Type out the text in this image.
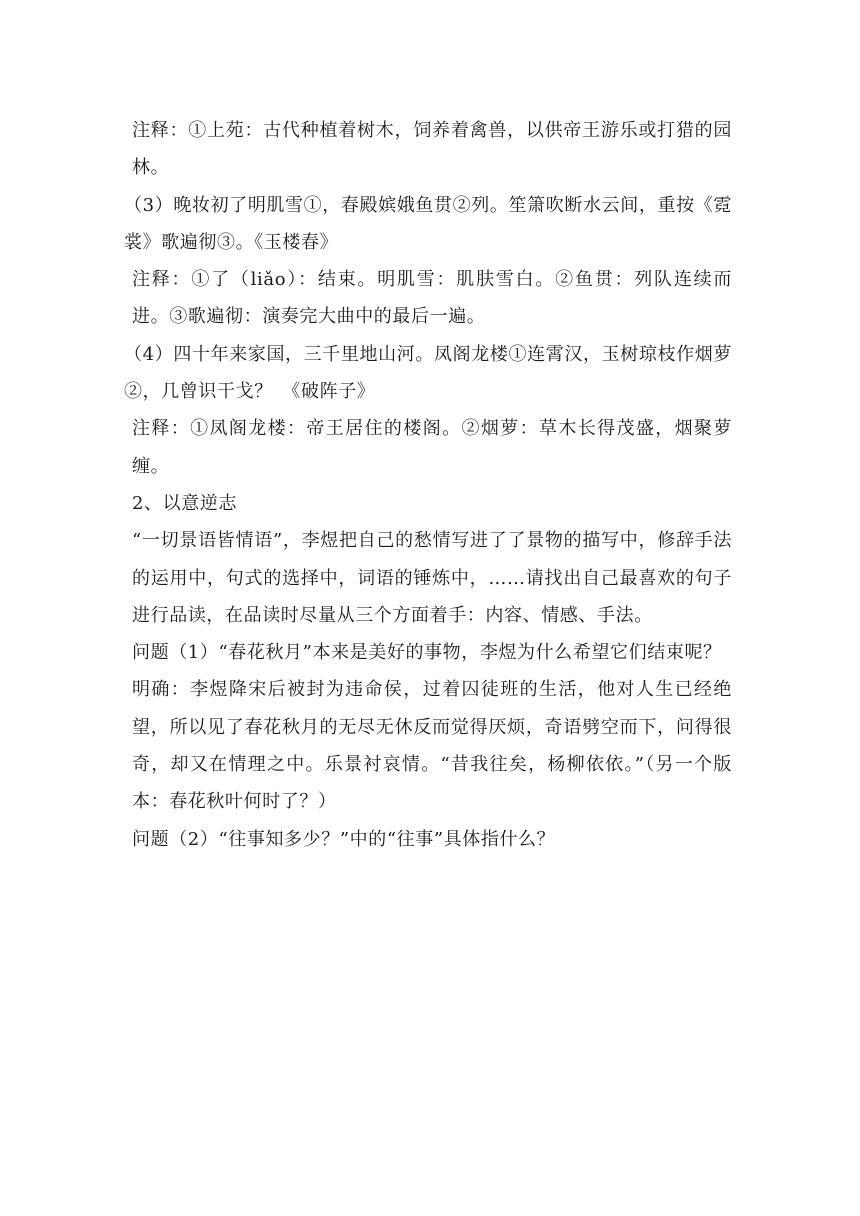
注释：①上苑：古代种植着树木，饲养着禽兽，以供帝王游乐或打猎的园林。

（3）晚妆初了明肌雪①，春殿嫔娥鱼贯②列。笙箫吹断水云间，重按《霓裳》歌遍彻③。《玉楼春》

注释：①了（liǎo）：结束。明肌雪：肌肤雪白。②鱼贯：列队连续而进。③歌遍彻：演奏完大曲中的最后一遍。

（4）四十年来家国，三千里地山河。凤阁龙楼①连霄汉，玉树琼枝作烟萝②，几曾识干戈？　《破阵子》

注释：①凤阁龙楼：帝王居住的楼阁。②烟萝：草木长得茂盛，烟聚萝缠。

2、以意逆志

“一切景语皆情语”，李煜把自己的愁情写进了了景物的描写中，修辞手法的运用中，句式的选择中，词语的锤炼中，……请找出自己最喜欢的句子进行品读，在品读时尽量从三个方面着手：内容、情感、手法。

问题（1）“春花秋月”本来是美好的事物，李煜为什么希望它们结束呢？

明确：李煜降宋后被封为违命侯，过着囚徒班的生活，他对人生已经绝望，所以见了春花秋月的无尽无休反而觉得厌烦，奇语劈空而下，问得很奇，却又在情理之中。乐景衬哀情。“昔我往矣，杨柳依依。”（另一个版本：春花秋叶何时了？）

问题（2）“往事知多少？”中的“往事”具体指什么？
